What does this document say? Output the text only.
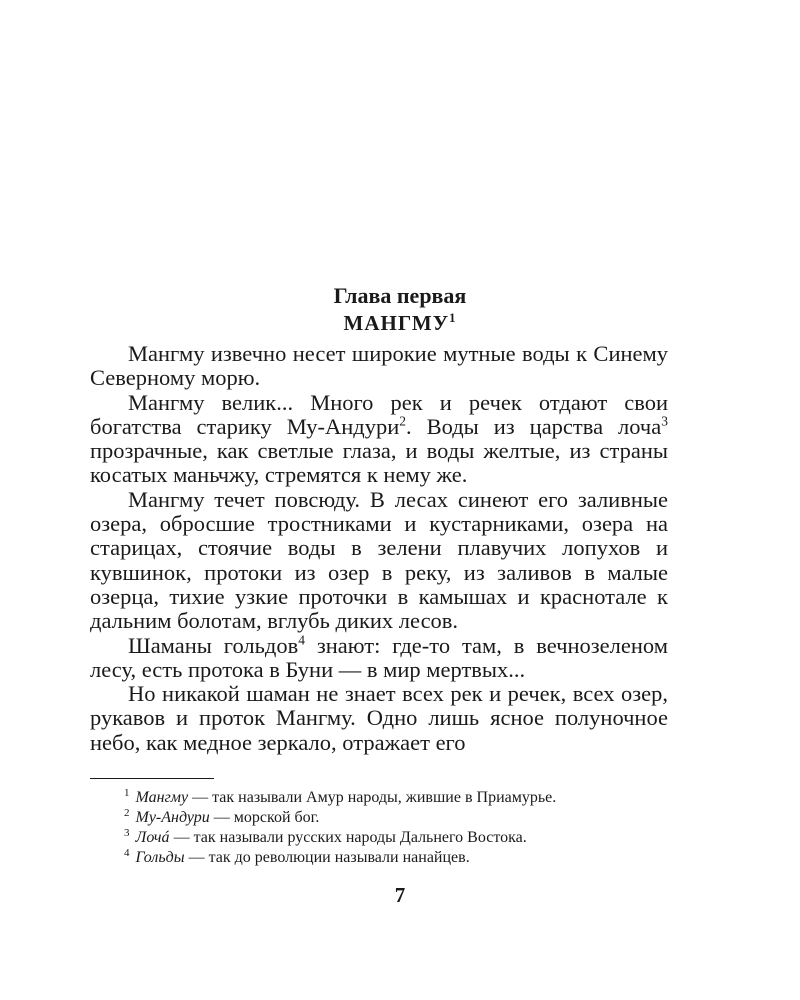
Глава первая
МАНГМУ$^1$

Мангму извечно несет широкие мутные воды к Синему Северному морю.

Мангму велик... Много рек и речек отдают свои богатства старику Му-Андури$^2$. Воды из царства лоча$^3$ прозрачные, как светлые глаза, и воды желтые, из страны косатых маньчжу, стремятся к нему же.

Мангму течет повсюду. В лесах синеют его заливные озера, обросшие тростниками и кустарниками, озера на старицах, стоячие воды в зелени плавучих лопухов и кувшинок, протоки из озер в реку, из заливов в малые озерца, тихие узкие проточки в камышах и краснотале к дальним болотам, вглубь диких лесов.

Шаманы гольдов$^4$ знают: где-то там, в вечнозеленом лесу, есть протока в Буни — в мир мертвых...

Но никакой шаман не знает всех рек и речек, всех озер, рукавов и проток Мангму. Одно лишь ясное полуночное небо, как медное зеркало, отражает его

$^1$ Мангму — так называли Амур народы, жившие в Приамурье.

$^2$ Му-Андури — морской бог.

$^3$ Лочá — так называли русских народы Дальнего Востока.

$^4$ Гольды — так до революции называли нанайцев.

7
